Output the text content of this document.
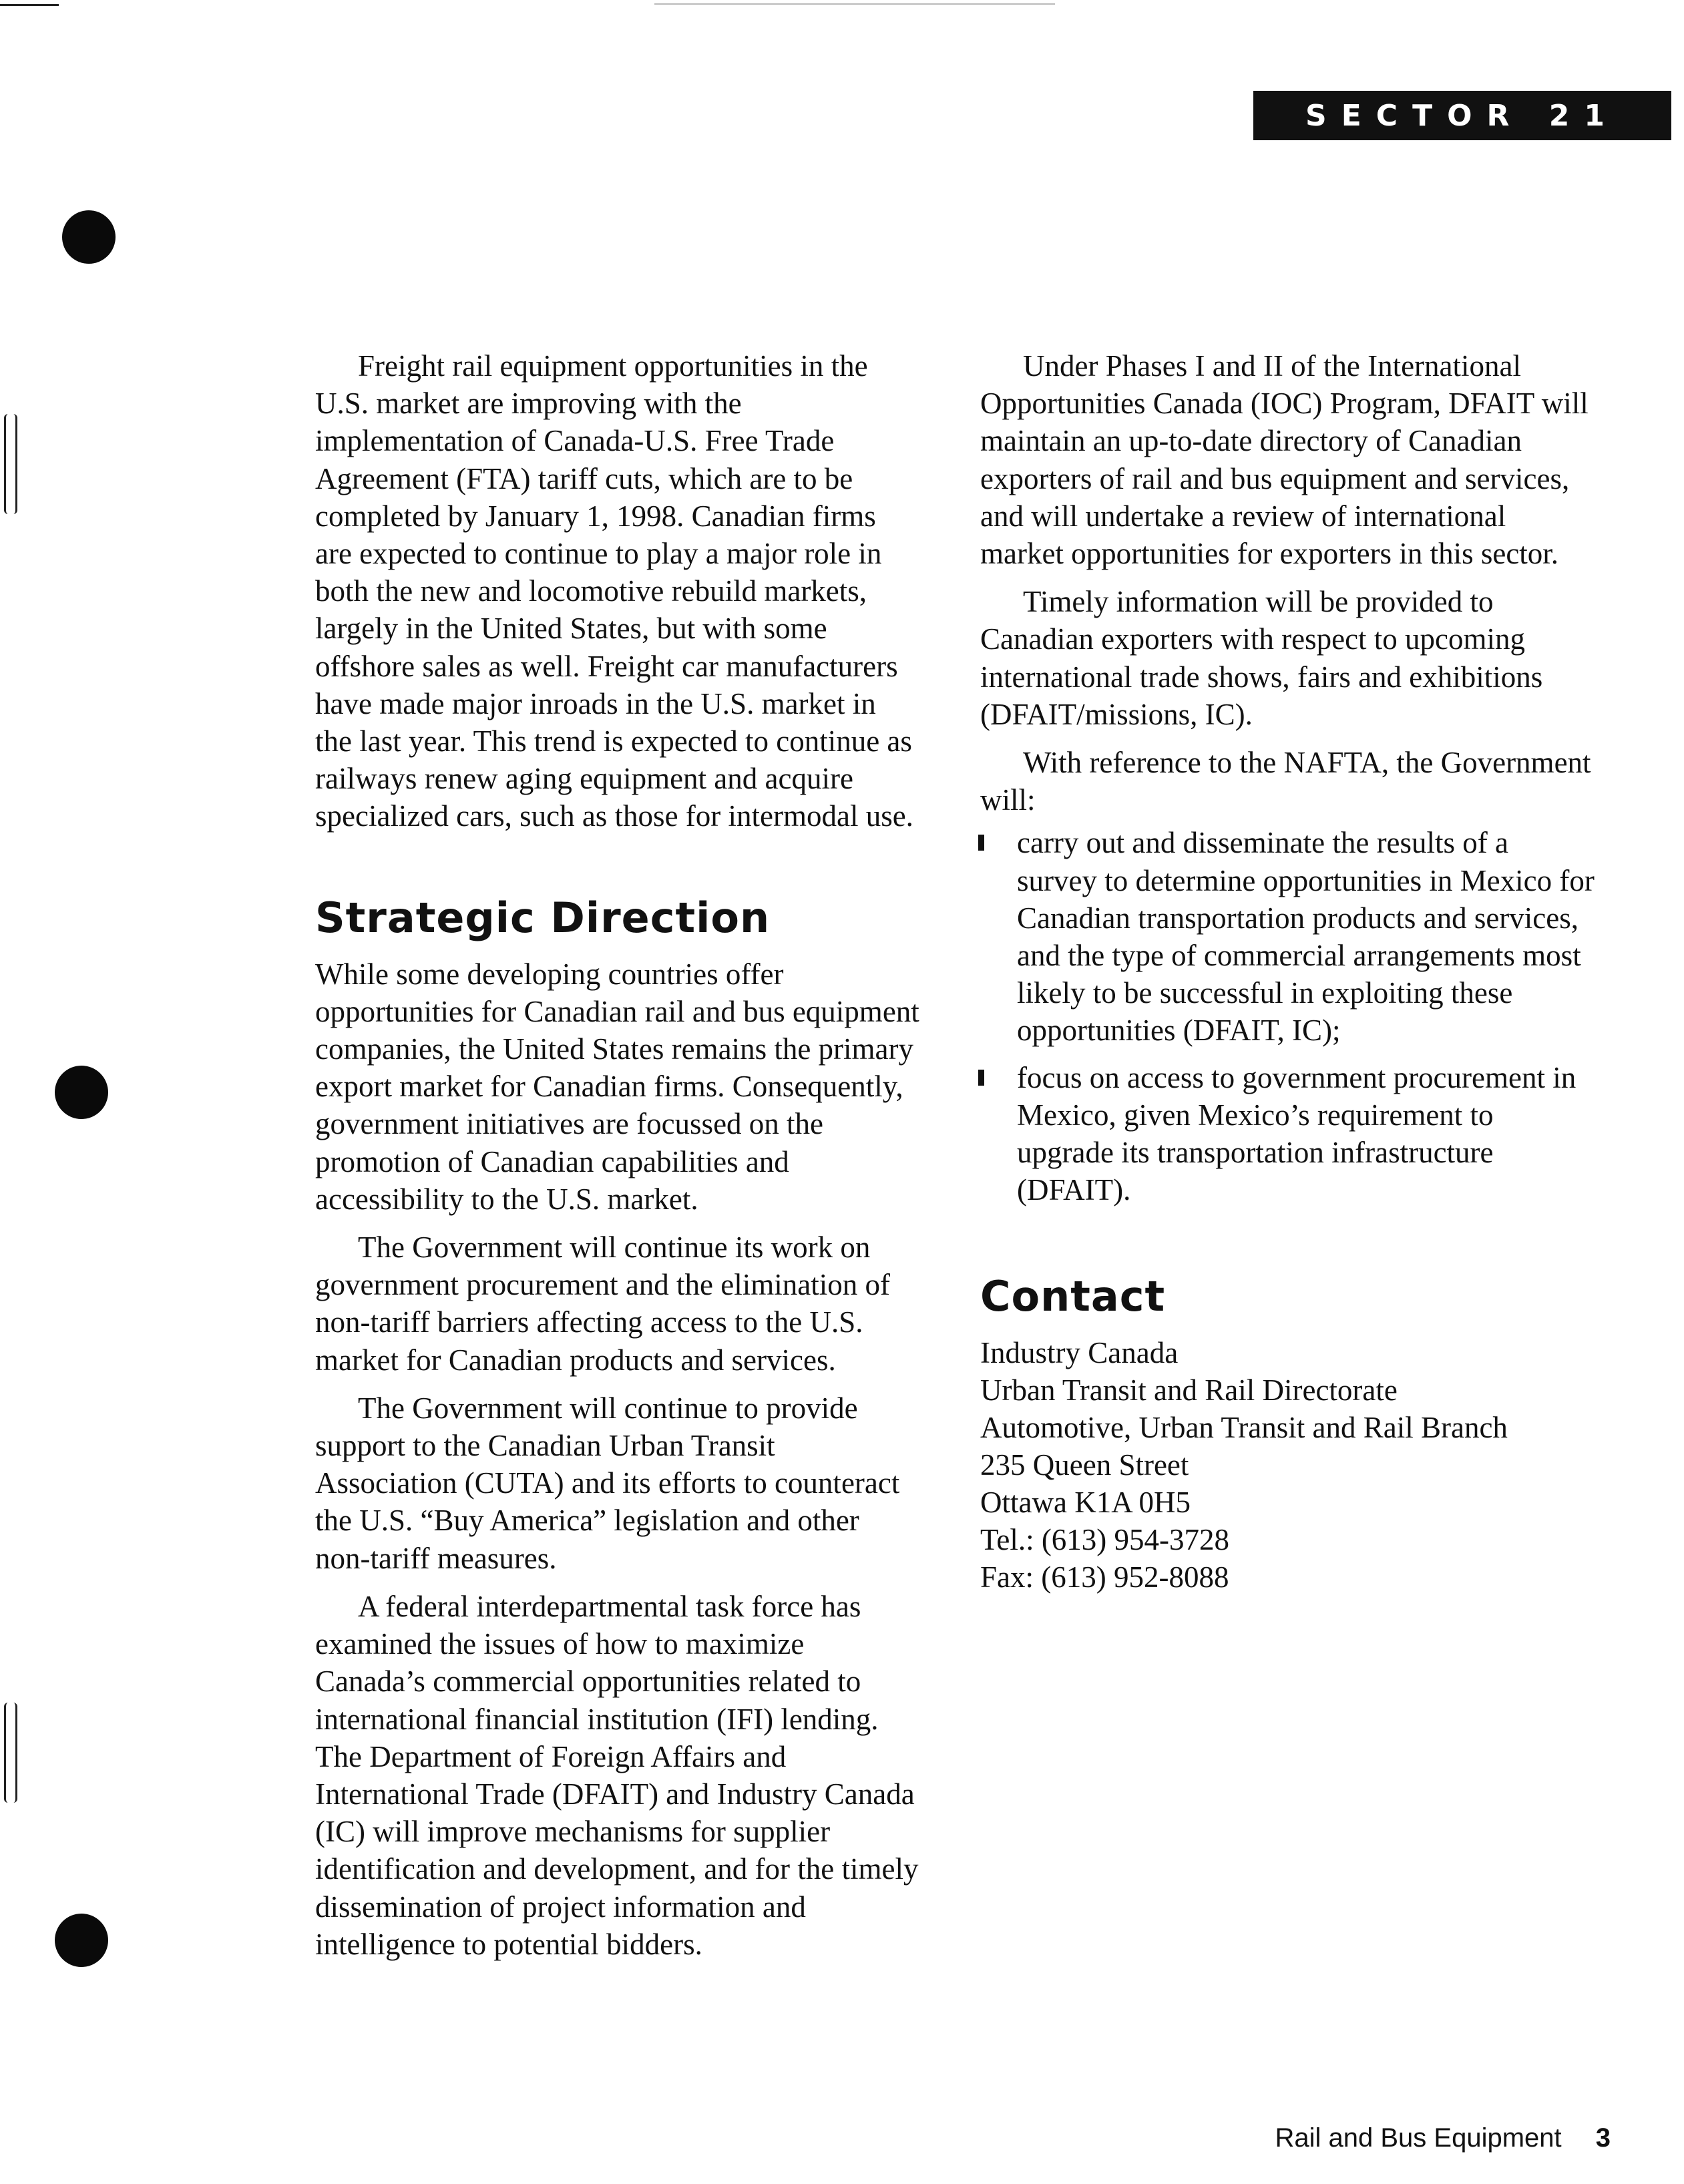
SECTOR 21

Freight rail equipment opportunities in the U.S. market are improving with the implementation of Canada-U.S. Free Trade Agreement (FTA) tariff cuts, which are to be completed by January 1, 1998. Canadian firms are expected to continue to play a major role in both the new and locomotive rebuild markets, largely in the United States, but with some offshore sales as well. Freight car manufacturers have made major inroads in the U.S. market in the last year. This trend is expected to continue as railways renew aging equipment and acquire specialized cars, such as those for intermodal use.

Strategic Direction

While some developing countries offer opportunities for Canadian rail and bus equipment companies, the United States remains the primary export market for Canadian firms. Consequently, government initiatives are focussed on the promotion of Canadian capabilities and accessibility to the U.S. market.

The Government will continue its work on government procurement and the elimination of non-tariff barriers affecting access to the U.S. market for Canadian products and services.

The Government will continue to provide support to the Canadian Urban Transit Association (CUTA) and its efforts to counteract the U.S. “Buy America” legislation and other non-tariff measures.

A federal interdepartmental task force has examined the issues of how to maximize Canada’s commercial opportunities related to international financial institution (IFI) lending. The Department of Foreign Affairs and International Trade (DFAIT) and Industry Canada (IC) will improve mechanisms for supplier identification and development, and for the timely dissemination of project information and intelligence to potential bidders.

Under Phases I and II of the International Opportunities Canada (IOC) Program, DFAIT will maintain an up-to-date directory of Canadian exporters of rail and bus equipment and services, and will undertake a review of international market opportunities for exporters in this sector.

Timely information will be provided to Canadian exporters with respect to upcoming international trade shows, fairs and exhibitions (DFAIT/missions, IC).

With reference to the NAFTA, the Government will:

carry out and disseminate the results of a survey to determine opportunities in Mexico for Canadian transportation products and services, and the type of commercial arrangements most likely to be successful in exploiting these opportunities (DFAIT, IC);
focus on access to government procurement in Mexico, given Mexico’s requirement to upgrade its transportation infrastructure (DFAIT).
Contact
Industry Canada
Urban Transit and Rail Directorate
Automotive, Urban Transit and Rail Branch
235 Queen Street
Ottawa K1A 0H5
Tel.: (613) 954-3728
Fax: (613) 952-8088
Rail and Bus Equipment 3
